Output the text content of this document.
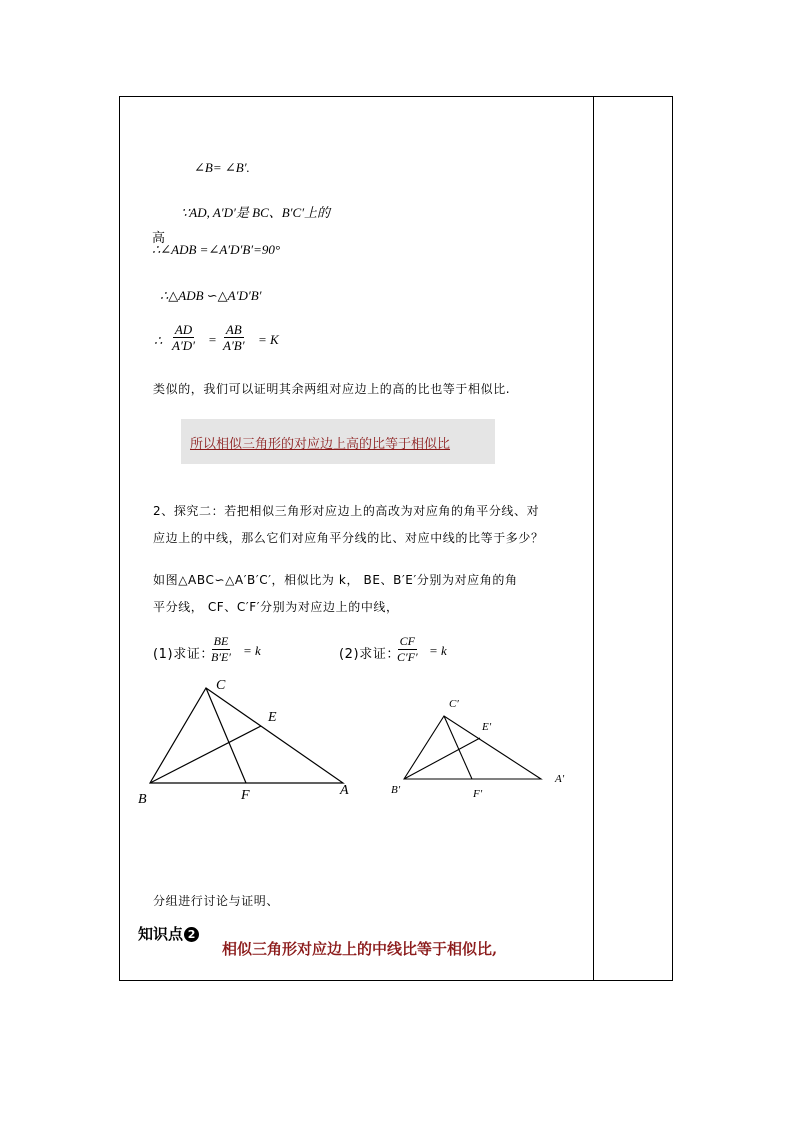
∠B= ∠B′.
∵AD, A′D′是 BC、B′C′上的
高
∴∠ADB =∠A′D′B′=90°
∴△ADB ∽△A′D′B′
∴ $\frac{AD}{A'D'} = \frac{AB}{A'B'} = K$
类似的，我们可以证明其余两组对应边上的高的比也等于相似比.
所以相似三角形的对应边上高的比等于相似比
2、探究二：若把相似三角形对应边上的高改为对应角的角平分线、对
应边上的中线，那么它们对应角平分线的比、对应中线的比等于多少？
如图△ABC∽△A′B′C′，相似比为 k， BE、B′E′分别为对应角的角
平分线， CF、C′F′分别为对应边上的中线，
(1)求证：
$\frac{BE}{B'E'} = k$	(2)求证：
$\frac{CF}{C'F'} = k$
C
E
B	F	A
C′
E′
B′	F′
A′
分组进行讨论与证明、
知识点 2
相似三角形对应边上的中线比等于相似比,
